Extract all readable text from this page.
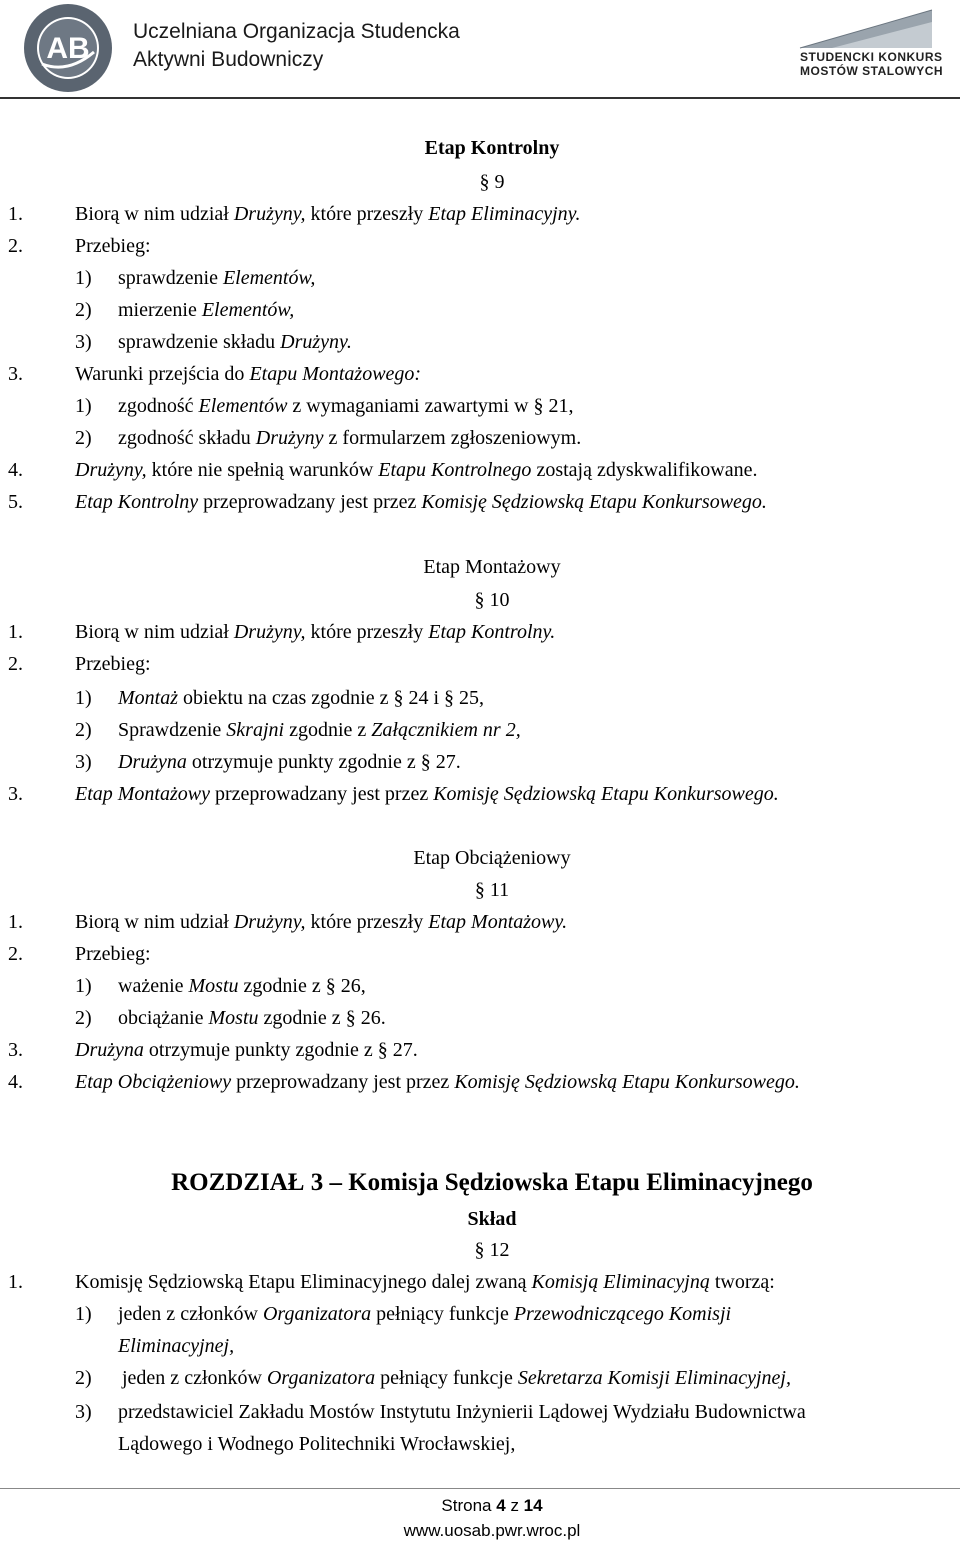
AB
Uczelniana Organizacja Studencka
Aktywni Budowniczy	STUDENCKI KONKURS
MOSTÓW STALOWYCH
Etap Kontrolny
§ 9
1.	Biorą w nim udział Drużyny, które przeszły Etap Eliminacyjny.
2.	Przebieg:
1) sprawdzenie Elementów,
2) mierzenie Elementów,
3) sprawdzenie składu Drużyny.
3.	Warunki przejścia do Etapu Montażowego:
1) zgodność Elementów z wymaganiami zawartymi w § 21,
2) zgodność składu Drużyny z formularzem zgłoszeniowym.
4.	Drużyny, które nie spełnią warunków Etapu Kontrolnego zostają zdyskwalifikowane.
5.	Etap Kontrolny przeprowadzany jest przez Komisję Sędziowską Etapu Konkursowego.
Etap Montażowy
§ 10
1.	Biorą w nim udział Drużyny, które przeszły Etap Kontrolny.
2.	Przebieg:
1) Montaż obiektu na czas zgodnie z § 24 i § 25,
2) Sprawdzenie Skrajni zgodnie z Załącznikiem nr 2,
3) Drużyna otrzymuje punkty zgodnie z § 27.
3.	Etap Montażowy przeprowadzany jest przez Komisję Sędziowską Etapu Konkursowego.
Etap Obciążeniowy
§ 11
1.	Biorą w nim udział Drużyny, które przeszły Etap Montażowy.
2.	Przebieg:
1) ważenie Mostu zgodnie z § 26,
2) obciążanie Mostu zgodnie z § 26.
3.	Drużyna otrzymuje punkty zgodnie z § 27.
4.	Etap Obciążeniowy przeprowadzany jest przez Komisję Sędziowską Etapu Konkursowego.
ROZDZIAŁ 3 – Komisja Sędziowska Etapu Eliminacyjnego
Skład
§ 12
1.	Komisję Sędziowską Etapu Eliminacyjnego dalej zwaną Komisją Eliminacyjną tworzą:
1) jeden z członków Organizatora pełniący funkcje Przewodniczącego Komisji
Eliminacyjnej,
2) jeden z członków Organizatora pełniący funkcje Sekretarza Komisji Eliminacyjnej,
3) przedstawiciel Zakładu Mostów Instytutu Inżynierii Lądowej Wydziału Budownictwa
Lądowego i Wodnego Politechniki Wrocławskiej,
Strona 4 z 14
www.uosab.pwr.wroc.pl
